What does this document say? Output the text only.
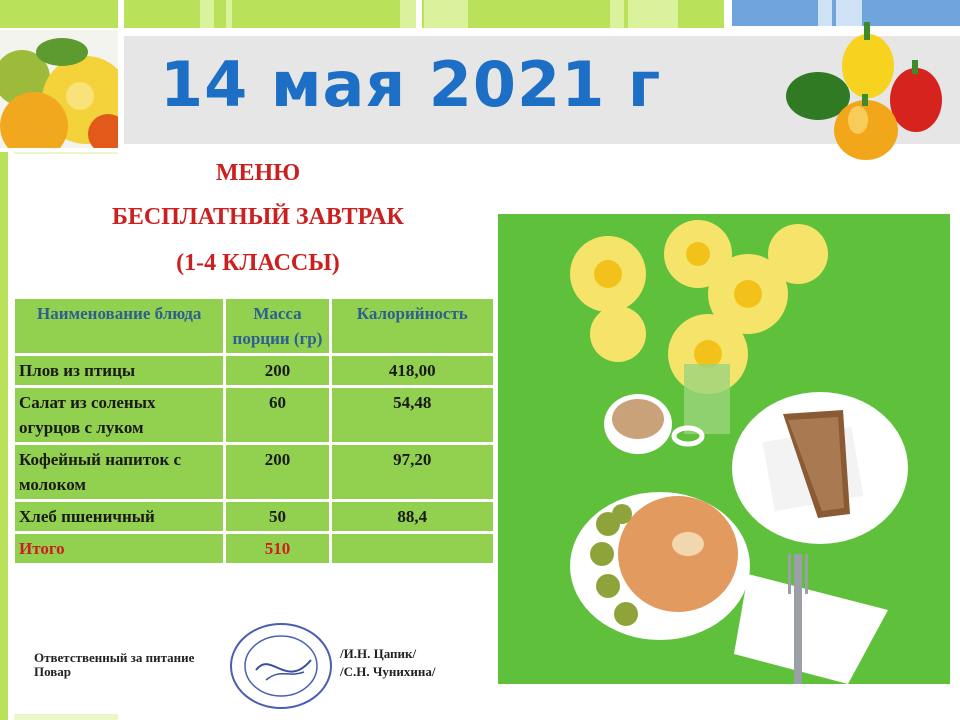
14 мая 2021 г
МЕНЮ
БЕСПЛАТНЫЙ ЗАВТРАК
(1-4 КЛАССЫ)
Наименование блюда	Масса порции (гр)	Калорийность
Плов из птицы	200	418,00
Салат из соленых огурцов с луком	60	54,48
Кофейный напиток с молоком	200	97,20
Хлеб пшеничный	50	88,4
Итого	510	
Ответственный за питание
Повар
/И.Н. Цапик/
/С.Н. Чунихина/
